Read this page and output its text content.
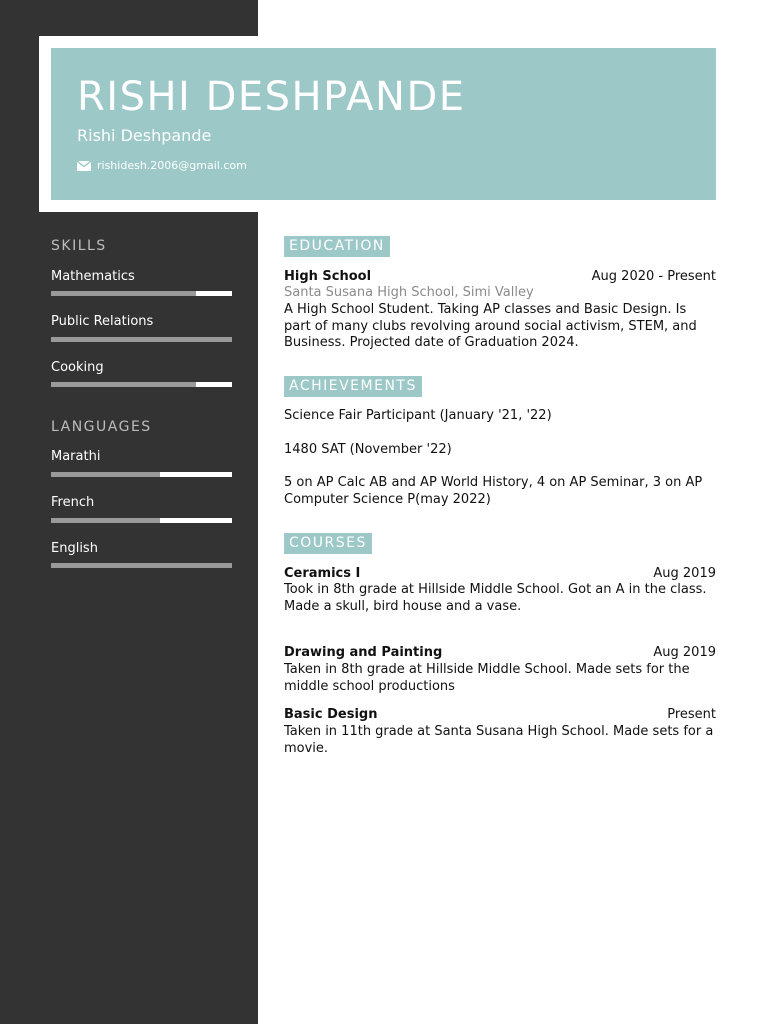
RISHI DESHPANDE
Rishi Deshpande
rishidesh.2006@gmail.com
SKILLS
Mathematics
Public Relations
Cooking
LANGUAGES
Marathi
French
English
EDUCATION
High School	Aug 2020 - Present
Santa Susana High School, Simi Valley

A High School Student. Taking AP classes and Basic Design. Is part of many clubs revolving around social activism, STEM, and Business. Projected date of Graduation 2024.

ACHIEVEMENTS

Science Fair Participant (January '21, '22)

1480 SAT (November '22)

5 on AP Calc AB and AP World History, 4 on AP Seminar, 3 on AP Computer Science P(may 2022)

COURSES
Ceramics I	Aug 2019

Took in 8th grade at Hillside Middle School. Got an A in the class. Made a skull, bird house and a vase.

Drawing and Painting	Aug 2019

Taken in 8th grade at Hillside Middle School. Made sets for the middle school productions

Basic Design	Present

Taken in 11th grade at Santa Susana High School. Made sets for a movie.
